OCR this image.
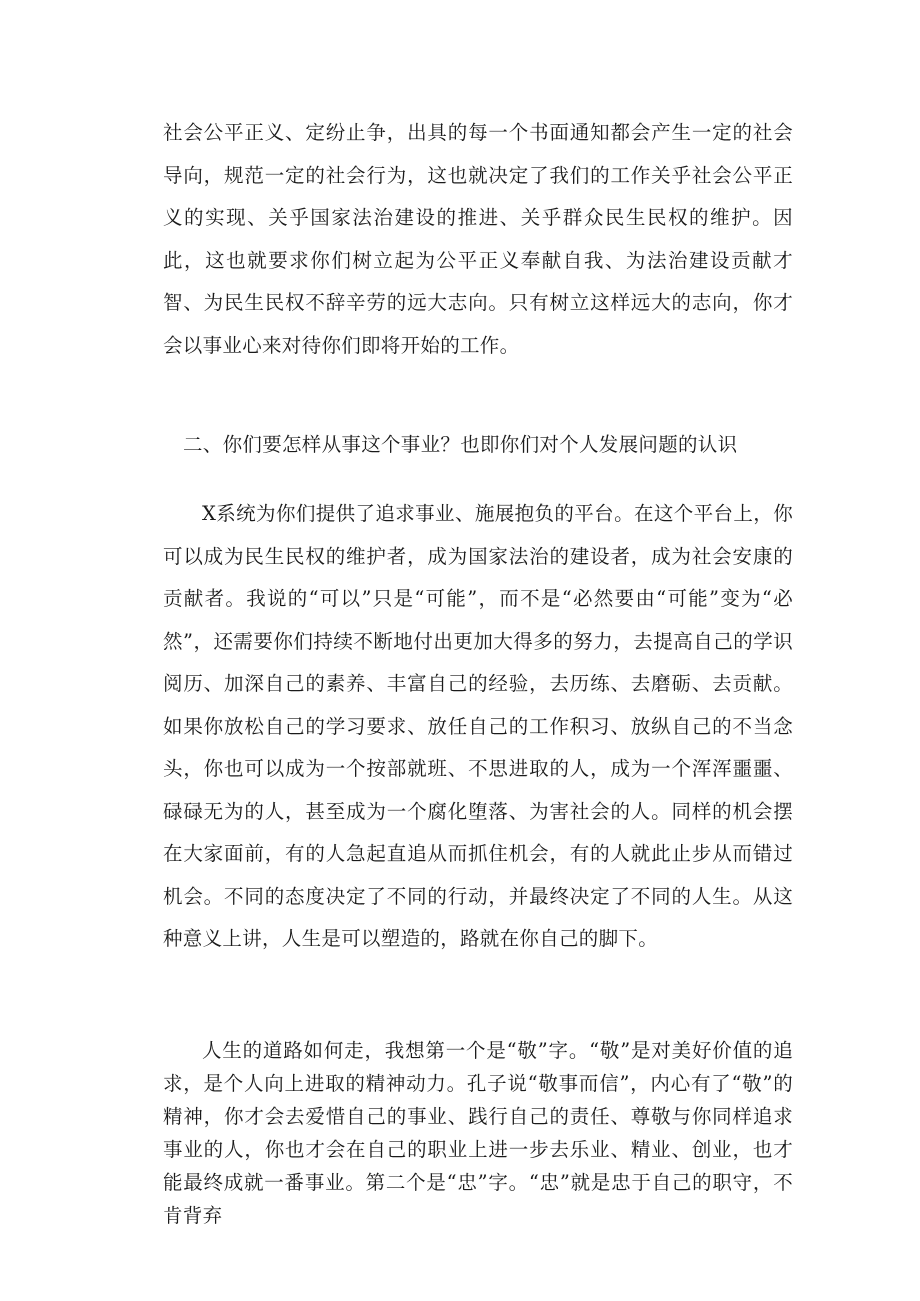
社会公平正义、定纷止争，出具的每一个书面通知都会产生一定的社会导向，规范一定的社会行为，这也就决定了我们的工作关乎社会公平正义的实现、关乎国家法治建设的推进、关乎群众民生民权的维护。因此，这也就要求你们树立起为公平正义奉献自我、为法治建设贡献才智、为民生民权不辞辛劳的远大志向。只有树立这样远大的志向，你才会以事业心来对待你们即将开始的工作。

二、你们要怎样从事这个事业？也即你们对个人发展问题的认识

X系统为你们提供了追求事业、施展抱负的平台。在这个平台上，你可以成为民生民权的维护者，成为国家法治的建设者，成为社会安康的贡献者。我说的“可以”只是“可能”，而不是“必然要由“可能”变为“必然”，还需要你们持续不断地付出更加大得多的努力，去提高自己的学识阅历、加深自己的素养、丰富自己的经验，去历练、去磨砺、去贡献。如果你放松自己的学习要求、放任自己的工作积习、放纵自己的不当念头，你也可以成为一个按部就班、不思进取的人，成为一个浑浑噩噩、碌碌无为的人，甚至成为一个腐化堕落、为害社会的人。同样的机会摆在大家面前，有的人急起直追从而抓住机会，有的人就此止步从而错过机会。不同的态度决定了不同的行动，并最终决定了不同的人生。从这种意义上讲，人生是可以塑造的，路就在你自己的脚下。

人生的道路如何走，我想第一个是“敬”字。“敬”是对美好价值的追求，是个人向上进取的精神动力。孔子说“敬事而信”，内心有了“敬”的精神，你才会去爱惜自己的事业、践行自己的责任、尊敬与你同样追求事业的人，你也才会在自己的职业上进一步去乐业、精业、创业，也才能最终成就一番事业。第二个是“忠”字。“忠”就是忠于自己的职守，不肯背弃
